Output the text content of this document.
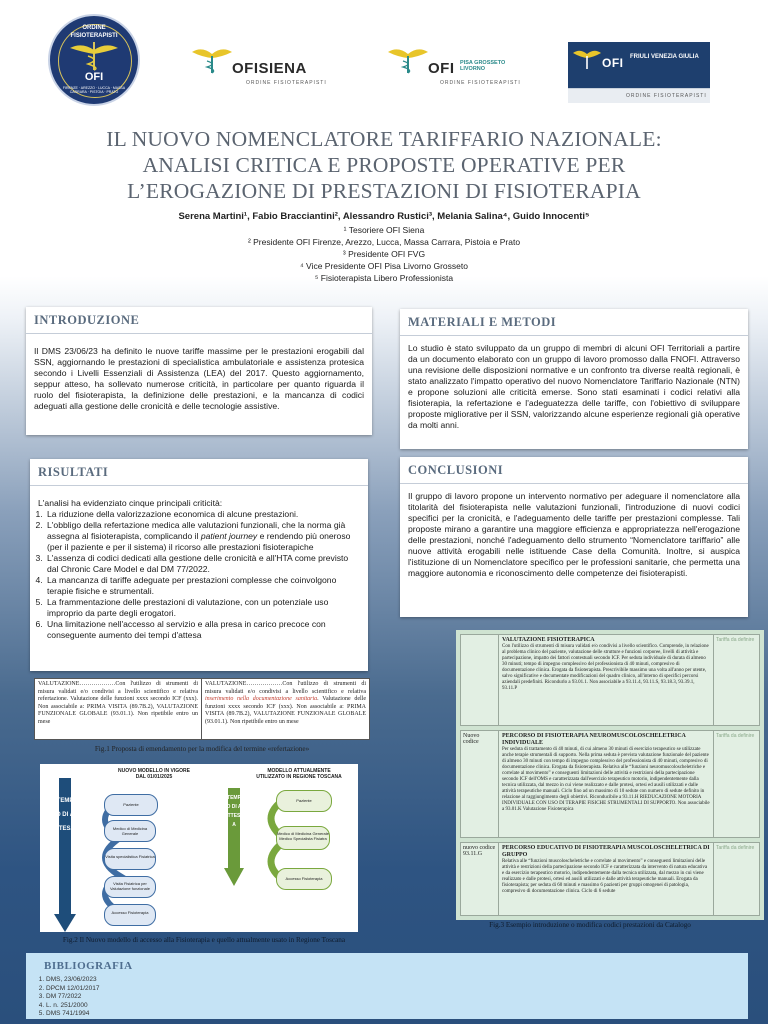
ORDINE
FISIOTERAPISTI
OFI
FIRENZE · AREZZO · LUCCA · MASSA CARRARA · PISTOIA · PRATO
OFISIENA
ORDINE FISIOTERAPISTI
OFI PISA GROSSETO LIVORNO
ORDINE FISIOTERAPISTI
OFI FRIULI VENEZIA GIULIA
ORDINE FISIOTERAPISTI
IL NUOVO NOMENCLATORE TARIFFARIO NAZIONALE:
ANALISI CRITICA E PROPOSTE OPERATIVE PER
L’EROGAZIONE DI PRESTAZIONI DI FISIOTERAPIA
Serena Martini¹, Fabio Bracciantini², Alessandro Rustici³, Melania Salina⁴, Guido Innocenti⁵
¹ Tesoriere OFI Siena
² Presidente OFI Firenze, Arezzo, Lucca, Massa Carrara, Pistoia e Prato
³ Presidente OFI FVG
⁴ Vice Presidente OFI Pisa Livorno Grosseto
⁵ Fisioterapista Libero Professionista
INTRODUZIONE
Il DMS 23/06/23 ha definito le nuove tariffe massime per le prestazioni erogabili dal SSN, aggiornando le prestazioni di specialistica ambulatoriale e assistenza protesica secondo i Livelli Essenziali di Assistenza (LEA) del 2017. Questo aggiornamento, seppur atteso, ha sollevato numerose criticità, in particolare per quanto riguarda il ruolo del fisioterapista, la definizione delle prestazioni, e la mancanza di codici adeguati alla gestione delle cronicità e delle tecnologie assistive.
MATERIALI E METODI
Lo studio è stato sviluppato da un gruppo di membri di alcuni OFI Territoriali a partire da un documento elaborato con un gruppo di lavoro promosso dalla FNOFI. Attraverso una revisione delle disposizioni normative e un confronto tra diverse realtà regionali, è stato analizzato l'impatto operativo del nuovo Nomenclatore Tariffario Nazionale (NTN) e propone soluzioni alle criticità emerse. Sono stati esaminati i codici relativi alla fisioterapia, la refertazione e l'adeguatezza delle tariffe, con l'obiettivo di sviluppare proposte migliorative per il SSN, valorizzando alcune esperienze regionali già operative da molti anni.
RISULTATI
L'analisi ha evidenziato cinque principali criticità:
1. La riduzione della valorizzazione economica di alcune prestazioni.
2. L'obbligo della refertazione medica alle valutazioni funzionali, che la norma già assegna al fisioterapista, complicando il patient journey e rendendo più oneroso (per il paziente e per il sistema) il ricorso alle prestazioni fisioterapiche
3. L'assenza di codici dedicati alla gestione delle cronicità e all'HTA come previsto dal Chronic Care Model e dal DM 77/2022.
4. La mancanza di tariffe adeguate per prestazioni complesse che coinvolgono terapie fisiche e strumentali.
5. La frammentazione delle prestazioni di valutazione, con un potenziale uso improprio da parte degli erogatori.
6. Una limitazione nell'accesso al servizio e alla presa in carico precoce con conseguente aumento dei tempi d'attesa
CONCLUSIONI
Il gruppo di lavoro propone un intervento normativo per adeguare il nomenclatore alla titolarità del fisioterapista nelle valutazioni funzionali, l'introduzione di nuovi codici specifici per la cronicità, e l'adeguamento delle tariffe per prestazioni complesse. Tali proposte mirano a garantire una maggiore efficienza e appropriatezza nell'erogazione delle prestazioni, nonché l'adeguamento dello strumento “Nomenclatore tariffario” alle nuove attività erogabili nelle istituende Case della Comunità. Inoltre, si auspica l'istituzione di un Nomenclatore specifico per le professioni sanitarie, che permetta una maggiore autonomia e riconoscimento delle competenze dei fisioterapisti.
VALUTAZIONE………………Con l'utilizzo di strumenti di misura validati e/o condivisi a livello scientifico e relativa refertazione. Valutazione delle funzioni xxxx secondo ICF (xxx). Non associabile a: PRIMA VISITA (89.7B.2), VALUTAZIONE FUNZIONALE GLOBALE (93.01.1). Non ripetibile entro un mese
VALUTAZIONE………………Con l'utilizzo di strumenti di misura validati e/o condivisi a livello scientifico e relativa inserimento nella documentazione sanitaria. Valutazione delle funzioni xxxx secondo ICF (xxx). Non associabile a: PRIMA VISITA (89.7B.2), VALUTAZIONE FUNZIONALE GLOBALE (93.01.1). Non ripetibile entro un mese
Fig.1 Proposta di emendamento per la modifica del termine «refertazione»
NUOVO MODELLO IN VIGORE DAL 01/01/2025
MODELLO ATTUALMENTE UTILIZZATO IN REGIONE TOSCANA
TEMPO DI ATTESA
TEMPO DI ATTESA
Paziente
Medico di Medicina Generale
Visita specialistica Fisiatrica
Visita Fisiatrica per Valutazione funzionale
Accesso Fisioterapia
Paziente
Medico di Medicina Generale Medico Specialista Fisiatra
Accesso Fisioterapia
Fig.2 Il Nuovo modello di accesso alla Fisioterapia e quello attualmente usato in Regione Toscana
VALUTAZIONE FISIOTERAPICA
Con l'utilizzo di strumenti di misura validati e/o condivisi a livello scientifico. Comprende, in relazione al problema clinico del paziente, valutazione delle strutture e funzioni corporee, livelli di attività e partecipazione, impatto dei fattori contestuali secondo ICF. Per seduta individuale di durata di almeno 30 minuti; tempo di impegno complessivo del professionista di 40 minuti, compresivo di documentazione clinica. Erogata da fisioterapista. Prescrivibile massimo una volta all'anno per utente, salvo significative e documentate modificazioni del quadro clinico, all'interno di specifici percorsi aziendali predefiniti. Ricondurlo a 93.01.1. Non associabile a 93.11.4, 93.11.S, 93.18.3, 93.39.1, 93.11.P
Tariffa da definire
Nuovo codice
PERCORSO DI FISIOTERAPIA NEUROMUSCOLOSCHELETRICA INDIVIDUALE
Per seduta di trattamento di 40 minuti, di cui almeno 30 minuti di esercizio terapeutico se utilizzate anche terapie strumentali di supporto. Nella prima seduta è prevista valutazione funzionale del paziente di almeno 30 minuti con tempo di impegno complessivo del professionista di 40 minuti, compresivo di documentazione clinica. Erogata da fisioterapista. Relativa alle “funzioni neuromuscoloscheletriche e correlate al movimento” e conseguenti limitazioni delle attività e restrizioni della partecipazione secondo ICF dell'OMS e caratterizzata dall'esercizio terapeutico motorio, indipendentemente dalla tecnica utilizzata, dal mezzo in cui viene realizzato e dalle protesi, ortesi ed ausili utilizzati e dalle attività terapeutiche manuali. Ciclo fino ad un massimo di 10 sedute con numero di sedute definito in relazione al raggiungimento degli obiettivi. Riconducibile a 93.11.H RIEDUCAZIONE MOTORIA INDIVIDUALE CON USO DI TERAPIE FISICHE STRUMENTALI DI SUPPORTO. Non associabile a 93.01.K Valutazione Fisioterapica
Tariffa da definire
nuovo codice 93.11.G
PERCORSO EDUCATIVO DI FISIOTERAPIA MUSCOLOSCHELETRICA DI GRUPPO
Relativa alle “funzioni muscoloscheletriche e correlate al movimento” e conseguenti limitazioni delle attività e restrizioni della partecipazione secondo ICF e caratterizzata da intervento di natura educativa e da esercizio terapeutico motorio, indipendentemente dalla tecnica utilizzata, dal mezzo in cui viene realizzato e dalle protesi, ortesi ed ausili utilizzati e dalle attività terapeutiche manuali. Erogata da fisioterapista; per seduta di 60 minuti e massimo 6 pazienti per gruppi omogenei di patologia, compresivo di documentazione clinica. Ciclo di 6 sedute
Tariffa da definire
Fig.3 Esempio introduzione o modifica codici prestazioni da Catalogo
BIBLIOGRAFIA
1. DMS, 23/06/2023
2. DPCM 12/01/2017
3. DM 77/2022
4. L. n. 251/2000
5. DMS 741/1994
